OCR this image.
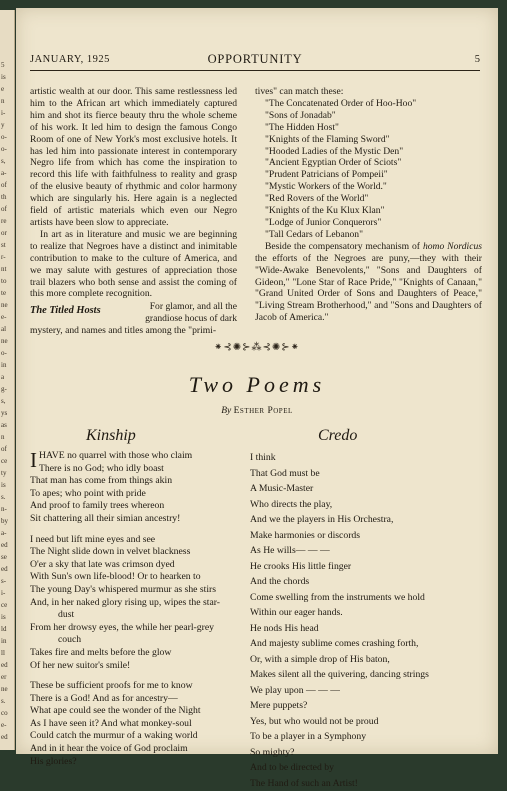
5
is
e
n
i-
y
o-
o-
s,
a-
of
th
of
re
or
st
r-
nt
to
te
ne
e-
al
ne
o-
in
a
g-
s,
ys
as
n
of
ce
ty
is
s.
n-
by
a-
ed
se
ed
s-
i-
ce
is
ld
in
ll
ed
er
ne
s.
co
e-
ed
JANUARY, 1925	OPPORTUNITY	5

artistic wealth at our door. This same restlessness led him to the African art which immediately captured him and shot its fierce beauty thru the whole scheme of his work. It led him to design the famous Congo Room of one of New York's most exclusive hotels. It has led him into passionate interest in contemporary Negro life from which has come the inspiration to record this life with faithfulness to reality and grasp of the elusive beauty of rhythmic and color harmony which are singularly his. Here again is a neglected field of artistic materials which even our Negro artists have been slow to appreciate.

In art as in literature and music we are beginning to realize that Negroes have a distinct and inimitable contribution to make to the culture of America, and we may salute with gestures of appreciation those trail blazers who both sense and assist the coming of this more complete recognition.

The Titled Hosts	For glamor, and all the grandiose hocus of dark

mystery, and names and titles among the "primi-

tives" can match these:

"The Concatenated Order of Hoo-Hoo"
"Sons of Jonadab"
"The Hidden Host"
"Knights of the Flaming Sword"
"Hooded Ladies of the Mystic Den"
"Ancient Egyptian Order of Sciots"
"Prudent Patricians of Pompeii"
"Mystic Workers of the World."
"Red Rovers of the World"
"Knights of the Ku Klux Klan"
"Lodge of Junior Conquerors"
"Tall Cedars of Lebanon"

Beside the compensatory mechanism of homo Nordicus the efforts of the Negroes are puny,—they with their "Wide-Awake Benevolents," "Sons and Daughters of Gideon," "Lone Star of Race Pride," "Knights of Canaan," "Grand United Order of Sons and Daughters of Peace," "Living Stream Brotherhood," and "Sons and Daughters of Jacob of America."

⁕⊰✺⊱⁂⊰✺⊱⁕
Two Poems
By Esther Popel
Kinship	Credo
I HAVE no quarrel with those who claim
There is no God; who idly boast
That man has come from things akin
To apes; who point with pride
And proof to family trees whereon
Sit chattering all their simian ancestry!
I need but lift mine eyes and see
The Night slide down in velvet blackness
O'er a sky that late was crimson dyed
With Sun's own life-blood! Or to hearken to
The young Day's whispered murmur as she stirs
And, in her naked glory rising up, wipes the star-
dust
From her drowsy eyes, the while her pearl-grey
couch
Takes fire and melts before the glow
Of her new suitor's smile!
These be sufficient proofs for me to know
There is a God! And as for ancestry—
What ape could see the wonder of the Night
As I have seen it? And what monkey-soul
Could catch the murmur of a waking world
And in it hear the voice of God proclaim
His glories?
I think
That God must be
A Music-Master
Who directs the play,
And we the players in His Orchestra,
Make harmonies or discords
As He wills— — —
He crooks His little finger
And the chords
Come swelling from the instruments we hold
Within our eager hands.
He nods His head
And majesty sublime comes crashing forth,
Or, with a simple drop of His baton,
Makes silent all the quivering, dancing strings
We play upon — — —
Mere puppets?
Yes, but who would not be proud
To be a player in a Symphony
So mighty?
And to be directed by
The Hand of such an Artist!
